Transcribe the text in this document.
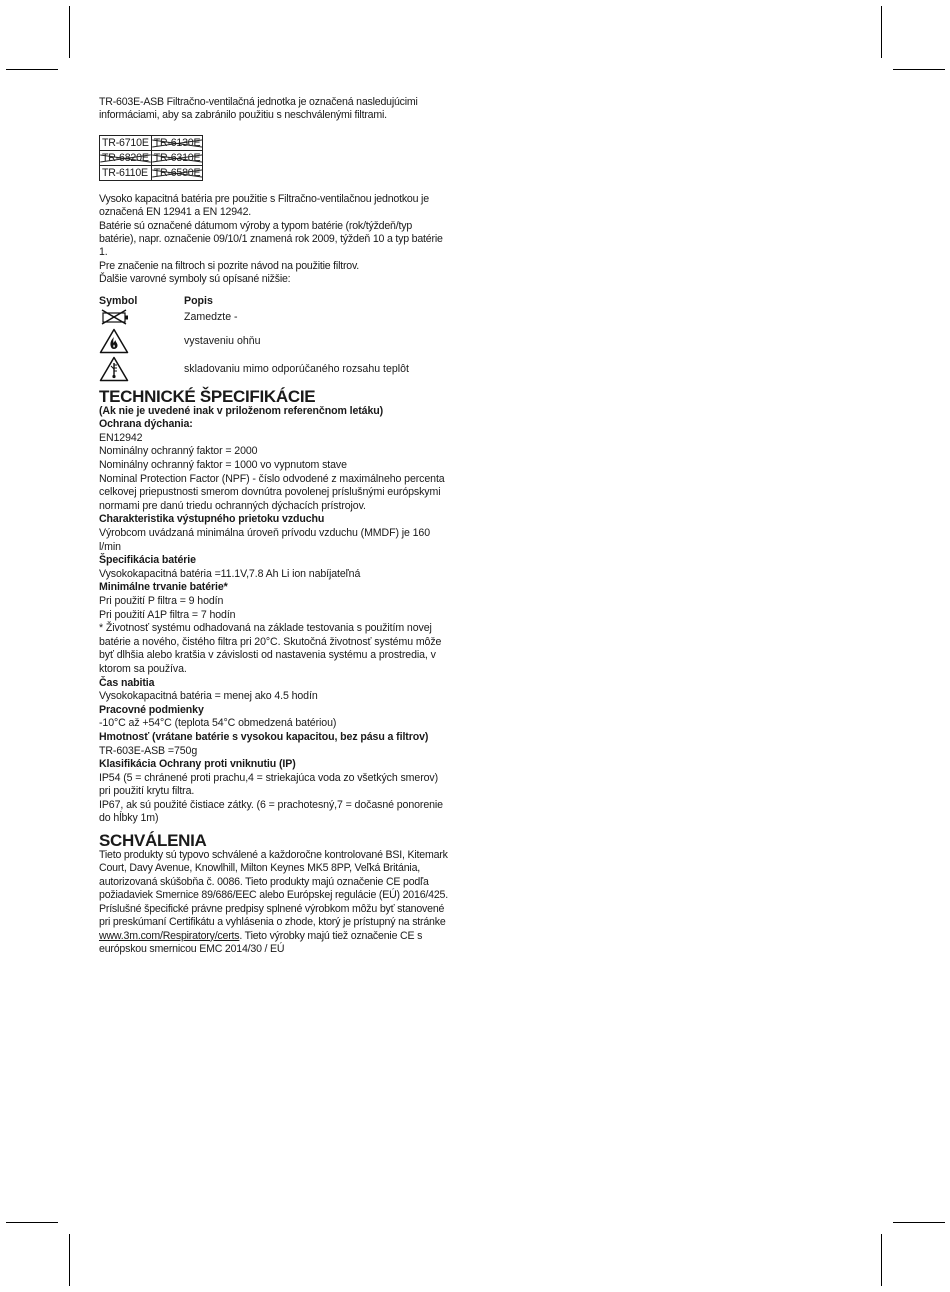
TR-603E-ASB Filtračno-ventilačná jednotka je označená nasledujúcimi informáciami, aby sa zabránilo použitiu s neschválenými filtrami.

TR-6710E	TR-6130E
TR-6820E	TR-6310E
TR-6110E	TR-6580E

Vysoko kapacitná batéria pre použitie s Filtračno-ventilačnou jednotkou je označená EN 12941 a EN 12942.

Batérie sú označené dátumom výroby a typom batérie (rok/týždeň/typ batérie), napr. označenie 09/10/1 znamená rok 2009, týždeň 10 a typ batérie 1.

Pre značenie na filtroch si pozrite návod na použitie filtrov.

Ďalšie varovné symboly sú opísané nižšie:

Symbol	Popis
Zamedzte -
vystaveniu ohňu
skladovaniu mimo odporúčaného rozsahu teplôt
TECHNICKÉ ŠPECIFIKÁCIE

(Ak nie je uvedené inak v priloženom referenčnom letáku)

Ochrana dýchania:

EN12942

Nominálny ochranný faktor = 2000

Nominálny ochranný faktor = 1000 vo vypnutom stave

Nominal Protection Factor (NPF) - číslo odvodené z maximálneho percenta celkovej priepustnosti smerom dovnútra povolenej príslušnými európskymi normami pre danú triedu ochranných dýchacích prístrojov.

Charakteristika výstupného prietoku vzduchu

Výrobcom uvádzaná minimálna úroveň prívodu vzduchu (MMDF) je 160 l/min

Špecifikácia batérie

Vysokokapacitná batéria =11.1V,7.8 Ah Li ion nabíjateľná

Minimálne trvanie batérie*

Pri použití P filtra = 9 hodín

Pri použití A1P filtra = 7 hodín

* Životnosť systému odhadovaná na základe testovania s použitím novej batérie a nového, čistého filtra pri 20°C. Skutočná životnosť systému môže byť dlhšia alebo kratšia v závislosti od nastavenia systému a prostredia, v ktorom sa používa.

Čas nabitia

Vysokokapacitná batéria = menej ako 4.5 hodín

Pracovné podmienky

-10°C až +54°C (teplota 54°C obmedzená batériou)

Hmotnosť (vrátane batérie s vysokou kapacitou, bez pásu a filtrov)

TR-603E-ASB =750g

Klasifikácia Ochrany proti vniknutiu (IP)

IP54 (5 = chránené proti prachu,4 = striekajúca voda zo všetkých smerov) pri použití krytu filtra.

IP67, ak sú použité čistiace zátky. (6 = prachotesný,7 = dočasné ponorenie do hĺbky 1m)

SCHVÁLENIA

Tieto produkty sú typovo schválené a každoročne kontrolované BSI, Kitemark Court, Davy Avenue, Knowlhill, Milton Keynes MK5 8PP, Veľká Británia, autorizovaná skúšobňa č. 0086. Tieto produkty majú označenie CE podľa požiadaviek Smernice 89/686/EEC alebo Európskej regulácie (EÚ) 2016/425. Príslušné špecifické právne predpisy splnené výrobkom môžu byť stanovené pri preskúmaní Certifikátu a vyhlásenia o zhode, ktorý je prístupný na stránke www.3m.com/Respiratory/certs. Tieto výrobky majú tiež označenie CE s európskou smernicou EMC 2014/30 / EÚ
